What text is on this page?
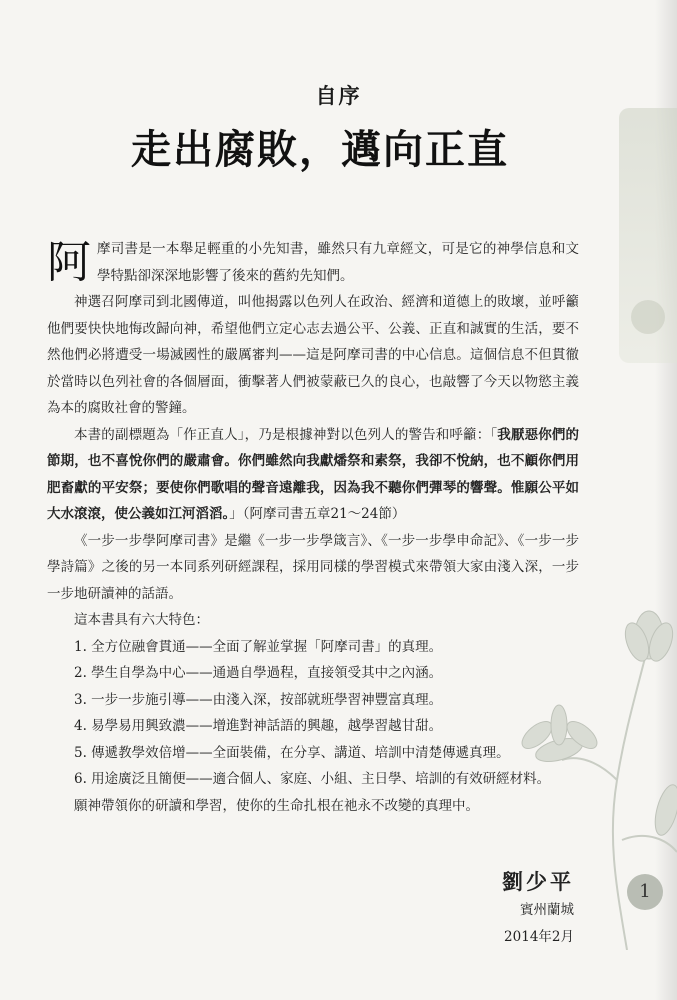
自序
走出腐敗，邁向正直

阿摩司書是一本舉足輕重的小先知書，雖然只有九章經文，可是它的神學信息和文學特點卻深深地影響了後來的舊約先知們。

神選召阿摩司到北國傳道，叫他揭露以色列人在政治、經濟和道德上的敗壞，並呼籲他們要快快地悔改歸向神，希望他們立定心志去過公平、公義、正直和誠實的生活，要不然他們必將遭受一場滅國性的嚴厲審判——這是阿摩司書的中心信息。這個信息不但貫徹於當時以色列社會的各個層面，衝擊著人們被蒙蔽已久的良心，也敲響了今天以物慾主義為本的腐敗社會的警鐘。

本書的副標題為「作正直人」，乃是根據神對以色列人的警告和呼籲：「我厭惡你們的節期，也不喜悅你們的嚴肅會。你們雖然向我獻燔祭和素祭，我卻不悅納，也不顧你們用肥畜獻的平安祭；要使你們歌唱的聲音遠離我，因為我不聽你們彈琴的響聲。惟願公平如大水滾滾，使公義如江河滔滔。」（阿摩司書五章21～24節）

《一步一步學阿摩司書》是繼《一步一步學箴言》、《一步一步學申命記》、《一步一步學詩篇》之後的另一本同系列研經課程，採用同樣的學習模式來帶領大家由淺入深，一步一步地研讀神的話語。

這本書具有六大特色：

1. 全方位融會貫通——全面了解並掌握「阿摩司書」的真理。
2. 學生自學為中心——通過自學過程，直接領受其中之內涵。
3. 一步一步施引導——由淺入深，按部就班學習神豐富真理。
4. 易學易用興致濃——增進對神話語的興趣，越學習越甘甜。
5. 傳遞教學效倍增——全面裝備，在分享、講道、培訓中清楚傳遞真理。
6. 用途廣泛且簡便——適合個人、家庭、小組、主日學、培訓的有效研經材料。

願神帶領你的研讀和學習，使你的生命扎根在祂永不改變的真理中。

劉少平
賓州蘭城
2014年2月
1
